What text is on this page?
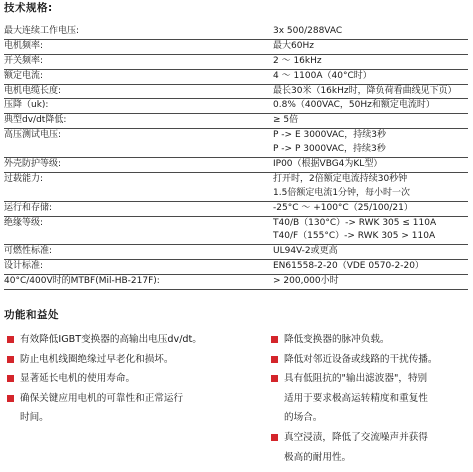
技术规格:
最大连续工作电压:	3x 500/288VAC
电机频率:	最大60Hz
开关频率:	2 ～ 16kHz
额定电流:	4 ～ 1100A（40°C时）
电机电缆长度:	最长30米（16kHz时，降负荷看曲线见下页）
压降（uk):	0.8%（400VAC，50Hz和额定电流时）
典型dv/dt降低:	≥ 5倍
高压测试电压:	P -> E 3000VAC，持续3秒
P -> P 3000VAC，持续3秒
外壳防护等级:	IP00（根据VBG4为KL型）
过载能力:	打开时，2倍额定电流持续30秒钟
1.5倍额定电流1分钟，每小时一次
运行和存储:	-25°C ～ +100°C（25/100/21）
绝缘等级:	T40/B（130°C）-> RWK 305 ≤ 110A
T40/F（155°C）-> RWK 305 > 110A
可燃性标准:	UL94V-2或更高
设计标准:	EN61558-2-20（VDE 0570-2-20）
40°C/400V时的MTBF(Mil-HB-217F):	> 200,000小时
功能和益处
有效降低IGBT变换器的高输出电压dv/dt。
防止电机线圈绝缘过早老化和损坏。
显著延长电机的使用寿命。
确保关键应用电机的可靠性和正常运行
时间。
降低变换器的脉冲负载。
降低对邻近设备或线路的干扰传播。
具有低阻抗的"输出滤波器"，特别
适用于要求极高运转精度和重复性
的场合。
真空浸渍，降低了交流噪声并获得
极高的耐用性。
